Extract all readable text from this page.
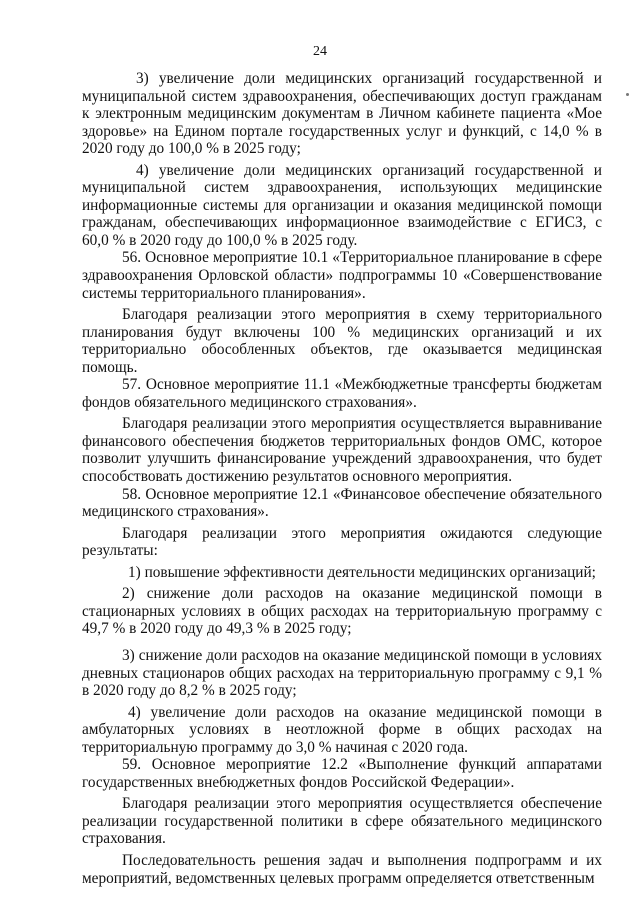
24

3) увеличение доли медицинских организаций государственной и муниципальной систем здравоохранения, обеспечивающих доступ гражданам к электронным медицинским документам в Личном кабинете пациента «Мое здоровье» на Едином портале государственных услуг и функций, с 14,0 % в 2020 году до 100,0 % в 2025 году;

4) увеличение доли медицинских организаций государственной и муниципальной систем здравоохранения, использующих медицинские информационные системы для организации и оказания медицинской помощи гражданам, обеспечивающих информационное взаимодействие с ЕГИСЗ, с 60,0 % в 2020 году до 100,0 % в 2025 году.

56. Основное мероприятие 10.1 «Территориальное планирование в сфере здравоохранения Орловской области» подпрограммы 10 «Совершенствование системы территориального планирования».

Благодаря реализации этого мероприятия в схему территориального планирования будут включены 100 % медицинских организаций и их территориально обособленных объектов, где оказывается медицинская помощь.

57. Основное мероприятие 11.1 «Межбюджетные трансферты бюджетам фондов обязательного медицинского страхования».

Благодаря реализации этого мероприятия осуществляется выравнивание финансового обеспечения бюджетов территориальных фондов ОМС, которое позволит улучшить финансирование учреждений здравоохранения, что будет способствовать достижению результатов основного мероприятия.

58. Основное мероприятие 12.1 «Финансовое обеспечение обязательного медицинского страхования».

Благодаря реализации этого мероприятия ожидаются следующие результаты:

1) повышение эффективности деятельности медицинских организаций;

2) снижение доли расходов на оказание медицинской помощи в стационарных условиях в общих расходах на территориальную программу с 49,7 % в 2020 году до 49,3 % в 2025 году;

3) снижение доли расходов на оказание медицинской помощи в условиях дневных стационаров общих расходах на территориальную программу с 9,1 % в 2020 году до 8,2 % в 2025 году;

4) увеличение доли расходов на оказание медицинской помощи в амбулаторных условиях в неотложной форме в общих расходах на территориальную программу до 3,0 % начиная с 2020 года.

59. Основное мероприятие 12.2 «Выполнение функций аппаратами государственных внебюджетных фондов Российской Федерации».

Благодаря реализации этого мероприятия осуществляется обеспечение реализации государственной политики в сфере обязательного медицинского страхования.

Последовательность решения задач и выполнения подпрограмм и их мероприятий, ведомственных целевых программ определяется ответственным
